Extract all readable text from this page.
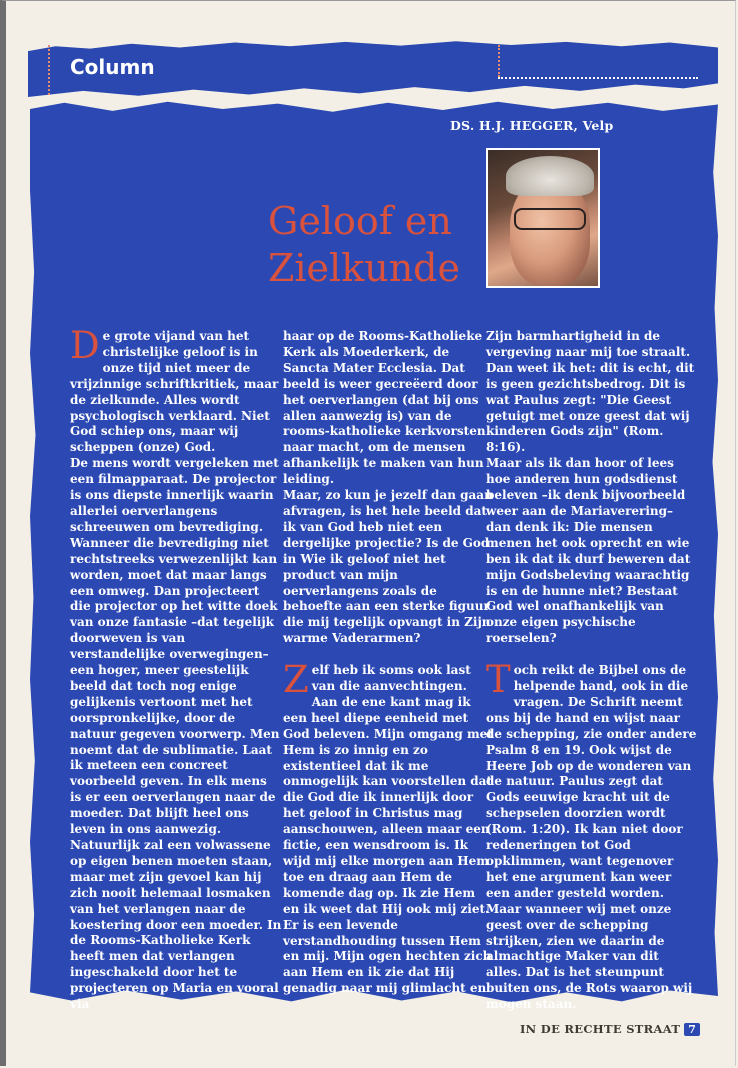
Column
DS. H.J. HEGGER, Velp
Geloof en
Zielkunde

De grote vijand van het christelijke geloof is in onze tijd niet meer de vrijzinnige schriftkritiek, maar de zielkunde. Alles wordt psychologisch verklaard. Niet God schiep ons, maar wij scheppen (onze) God.

De mens wordt vergeleken met een filmapparaat. De projector is ons diepste innerlijk waarin allerlei oerverlangens schreeuwen om bevrediging. Wanneer die bevrediging niet rechtstreeks verwezenlijkt kan worden, moet dat maar langs een omweg. Dan projecteert die projector op het witte doek van onze fantasie –dat tegelijk doorweven is van verstandelijke overwegingen– een hoger, meer geestelijk beeld dat toch nog enige gelijkenis vertoont met het oorspronkelijke, door de natuur gegeven voorwerp. Men noemt dat de sublimatie. Laat ik meteen een concreet voorbeeld geven. In elk mens is er een oerverlangen naar de moeder. Dat blijft heel ons leven in ons aanwezig. Natuurlijk zal een volwassene op eigen benen moeten staan, maar met zijn gevoel kan hij zich nooit helemaal losmaken van het verlangen naar de koestering door een moeder. In de Rooms-Katholieke Kerk heeft men dat verlangen ingeschakeld door het te projecteren op Maria en vooral via

haar op de Rooms-Katholieke Kerk als Moederkerk, de Sancta Mater Ecclesia. Dat beeld is weer gecreëerd door het oerverlangen (dat bij ons allen aanwezig is) van de rooms-katholieke kerkvorsten naar macht, om de mensen afhankelijk te maken van hun leiding.

Maar, zo kun je jezelf dan gaan afvragen, is het hele beeld dat ik van God heb niet een dergelijke projectie? Is de God in Wie ik geloof niet het product van mijn oerverlangens zoals de behoefte aan een sterke figuur die mij tegelijk opvangt in Zijn warme Vaderarmen?

Zelf heb ik soms ook last van die aanvechtingen. Aan de ene kant mag ik een heel diepe eenheid met God beleven. Mijn omgang met Hem is zo innig en zo existentieel dat ik me onmogelijk kan voorstellen dat die God die ik innerlijk door het geloof in Christus mag aanschouwen, alleen maar een fictie, een wensdroom is. Ik wijd mij elke morgen aan Hem toe en draag aan Hem de komende dag op. Ik zie Hem en ik weet dat Hij ook mij ziet. Er is een levende verstandhouding tussen Hem en mij. Mijn ogen hechten zich aan Hem en ik zie dat Hij genadig naar mij glimlacht en

Zijn barmhartigheid in de vergeving naar mij toe straalt. Dan weet ik het: dit is echt, dit is geen gezichtsbedrog. Dit is wat Paulus zegt: "Die Geest getuigt met onze geest dat wij kinderen Gods zijn" (Rom. 8:16).

Maar als ik dan hoor of lees hoe anderen hun godsdienst beleven –ik denk bijvoorbeeld weer aan de Mariaverering– dan denk ik: Die mensen menen het ook oprecht en wie ben ik dat ik durf beweren dat mijn Godsbeleving waarachtig is en de hunne niet? Bestaat God wel onafhankelijk van onze eigen psychische roerselen?

Toch reikt de Bijbel ons de helpende hand, ook in die vragen. De Schrift neemt ons bij de hand en wijst naar de schepping, zie onder andere Psalm 8 en 19. Ook wijst de Heere Job op de wonderen van de natuur. Paulus zegt dat Gods eeuwige kracht uit de schepselen doorzien wordt (Rom. 1:20). Ik kan niet door redeneringen tot God opklimmen, want tegenover het ene argument kan weer een ander gesteld worden. Maar wanneer wij met onze geest over de schepping strijken, zien we daarin de almachtige Maker van dit alles. Dat is het steunpunt buiten ons, de Rots waarop wij mogen staan.

IN DE RECHTE STRAAT 7
